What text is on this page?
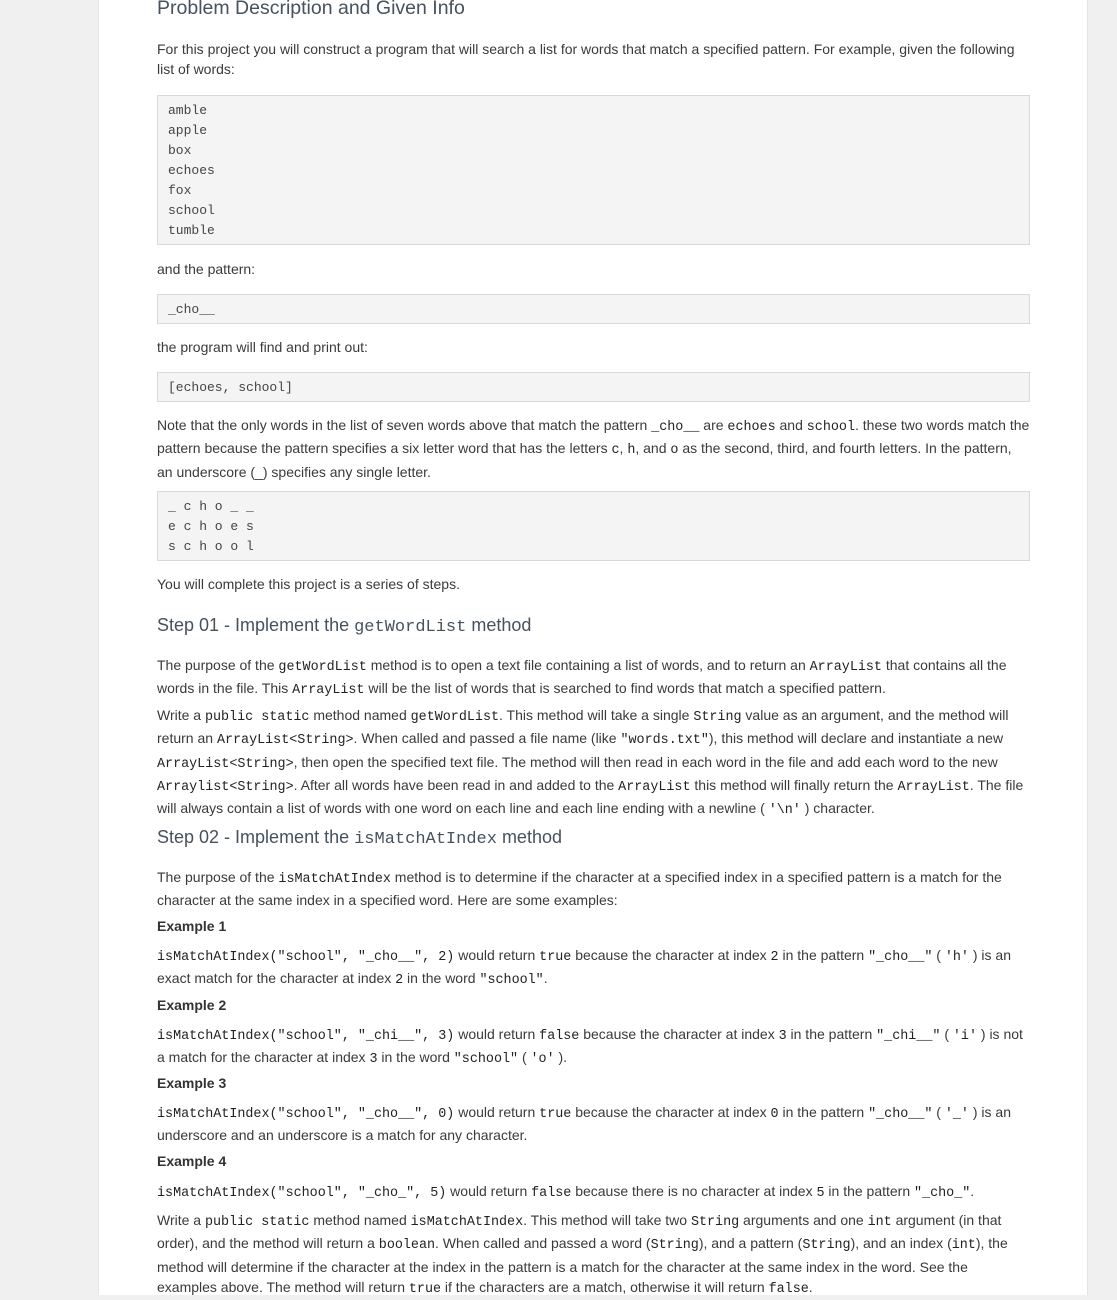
Problem Description and Given Info

For this project you will construct a program that will search a list for words that match a specified pattern. For example, given the following list of words:

amble
apple
box
echoes
fox
school
tumble

and the pattern:

_cho__

the program will find and print out:

[echoes, school]

Note that the only words in the list of seven words above that match the pattern _cho__ are echoes and school. these two words match the pattern because the pattern specifies a six letter word that has the letters c, h, and o as the second, third, and fourth letters. In the pattern, an underscore (_) specifies any single letter.

_ c h o _ _
e c h o e s
s c h o o l

You will complete this project is a series of steps.

Step 01 - Implement the getWordList method

The purpose of the getWordList method is to open a text file containing a list of words, and to return an ArrayList that contains all the words in the file. This ArrayList will be the list of words that is searched to find words that match a specified pattern.

Write a public static method named getWordList. This method will take a single String value as an argument, and the method will return an ArrayList<String>. When called and passed a file name (like "words.txt"), this method will declare and instantiate a new ArrayList<String>, then open the specified text file. The method will then read in each word in the file and add each word to the new Arraylist<String>. After all words have been read in and added to the ArrayList this method will finally return the ArrayList. The file will always contain a list of words with one word on each line and each line ending with a newline ( '\n' ) character.

Step 02 - Implement the isMatchAtIndex method

The purpose of the isMatchAtIndex method is to determine if the character at a specified index in a specified pattern is a match for the character at the same index in a specified word. Here are some examples:

Example 1

isMatchAtIndex("school", "_cho__", 2) would return true because the character at index 2 in the pattern "_cho__" ( 'h' ) is an exact match for the character at index 2 in the word "school".

Example 2

isMatchAtIndex("school", "_chi__", 3) would return false because the character at index 3 in the pattern "_chi__" ( 'i' ) is not a match for the character at index 3 in the word "school" ( 'o' ).

Example 3

isMatchAtIndex("school", "_cho__", 0) would return true because the character at index 0 in the pattern "_cho__" ( '_' ) is an underscore and an underscore is a match for any character.

Example 4

isMatchAtIndex("school", "_cho_", 5) would return false because there is no character at index 5 in the pattern "_cho_".

Write a public static method named isMatchAtIndex. This method will take two String arguments and one int argument (in that order), and the method will return a boolean. When called and passed a word (String), and a pattern (String), and an index (int), the method will determine if the character at the index in the pattern is a match for the character at the same index in the word. See the examples above. The method will return true if the characters are a match, otherwise it will return false.
